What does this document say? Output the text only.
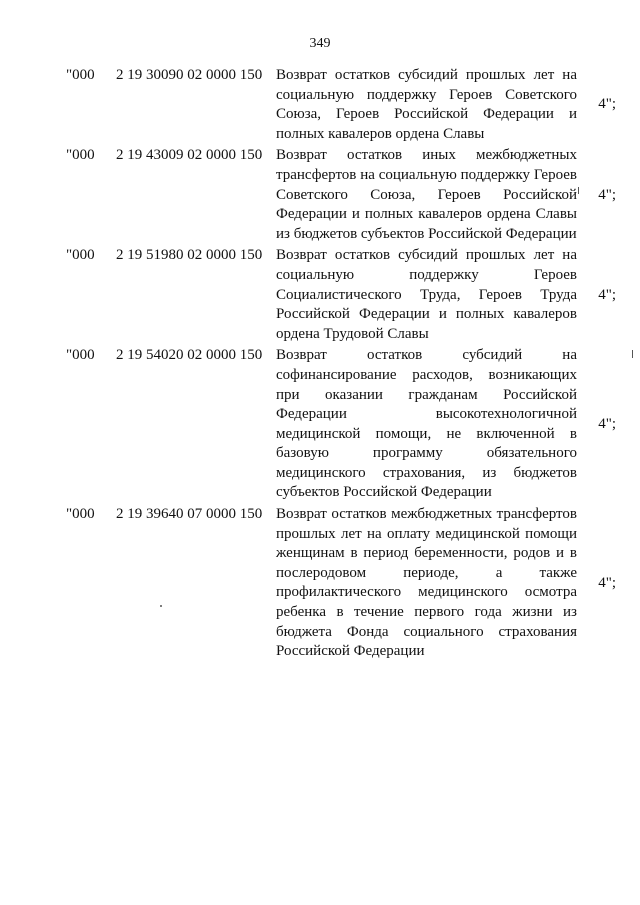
349
"000	2 19 30090 02 0000 150 Возврат остатков субсидий прошлых лет на социальную поддержку Героев Советского Союза, Героев Российской Федерации и полных кавалеров ордена Славы
4";
"000	2 19 43009 02 0000 150 Возврат остатков иных межбюджетных трансфертов на социальную поддержку Героев Советского Союза, Героев Российской Федерации и полных кавалеров ордена Славы из бюджетов субъектов Российской Федерации
4";
"000	2 19 51980 02 0000 150 Возврат остатков субсидий прошлых лет на социальную поддержку Героев Социалистического Труда, Героев Труда Российской Федерации и полных кавалеров ордена Трудовой Славы
4";
"000	2 19 54020 02 0000 150 Возврат остатков субсидий на софинансирование расходов, возникающих при оказании гражданам Российской Федерации высокотехнологичной медицинской помощи, не включенной в базовую программу обязательного медицинского страхования, из бюджетов субъектов Российской Федерации
4";
"000	2 19 39640 07 0000 150 Возврат остатков межбюджетных трансфертов прошлых лет на оплату медицинской помощи женщинам в период беременности, родов и в послеродовом периоде, а также профилактического медицинского осмотра ребенка в течение первого года жизни из бюджета Фонда социального страхования Российской Федерации
4";
